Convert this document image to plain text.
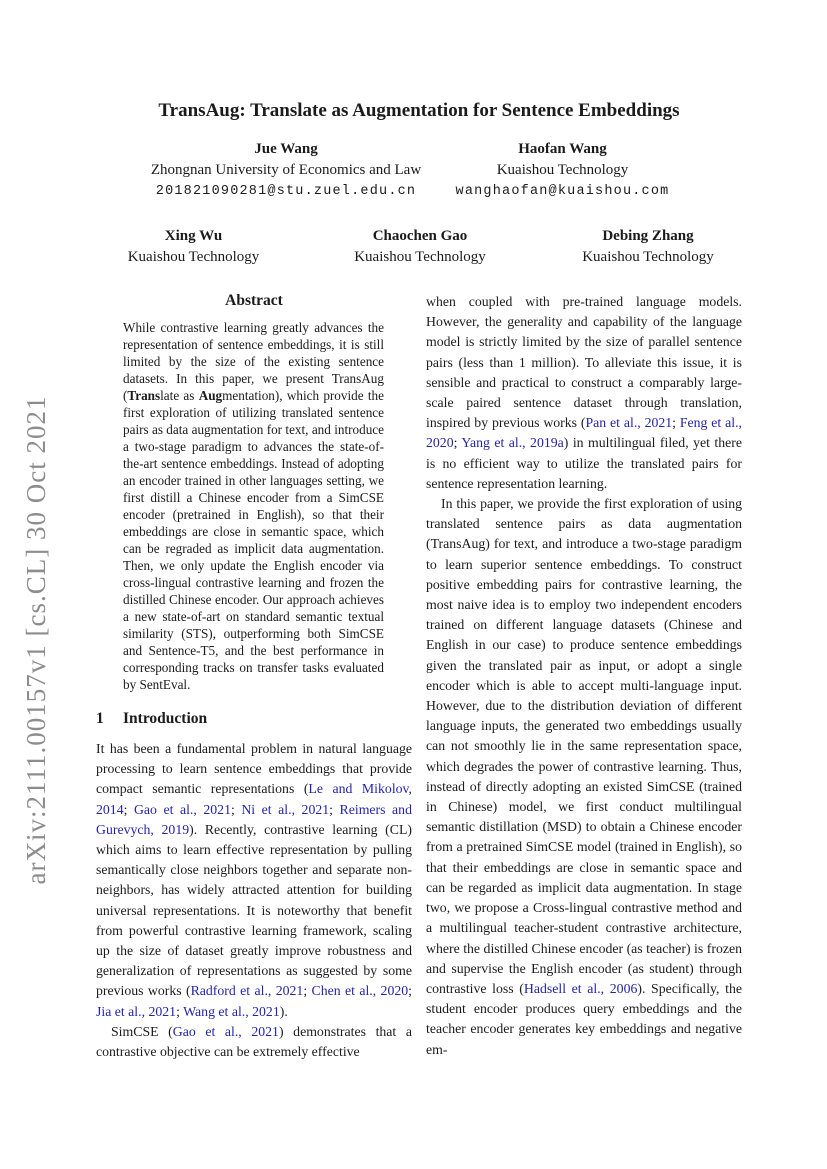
arXiv:2111.00157v1 [cs.CL] 30 Oct 2021
TransAug: Translate as Augmentation for Sentence Embeddings
Jue Wang
Zhongnan University of Economics and Law
201821090281@stu.zuel.edu.cn
Haofan Wang
Kuaishou Technology
wanghaofan@kuaishou.com
Xing Wu
Kuaishou Technology
Chaochen Gao
Kuaishou Technology
Debing Zhang
Kuaishou Technology
Abstract

While contrastive learning greatly advances the representation of sentence embeddings, it is still limited by the size of the existing sentence datasets. In this paper, we present TransAug (Translate as Augmentation), which provide the first exploration of utilizing translated sentence pairs as data augmentation for text, and introduce a two-stage paradigm to advances the state-of-the-art sentence embeddings. Instead of adopting an encoder trained in other languages setting, we first distill a Chinese encoder from a SimCSE encoder (pretrained in English), so that their embeddings are close in semantic space, which can be regraded as implicit data augmentation. Then, we only update the English encoder via cross-lingual contrastive learning and frozen the distilled Chinese encoder. Our approach achieves a new state-of-art on standard semantic textual similarity (STS), outperforming both SimCSE and Sentence-T5, and the best performance in corresponding tracks on transfer tasks evaluated by SentEval.

1 Introduction

It has been a fundamental problem in natural language processing to learn sentence embeddings that provide compact semantic representations (Le and Mikolov, 2014; Gao et al., 2021; Ni et al., 2021; Reimers and Gurevych, 2019). Recently, contrastive learning (CL) which aims to learn effective representation by pulling semantically close neighbors together and separate non-neighbors, has widely attracted attention for building universal representations. It is noteworthy that benefit from powerful contrastive learning framework, scaling up the size of dataset greatly improve robustness and generalization of representations as suggested by some previous works (Radford et al., 2021; Chen et al., 2020; Jia et al., 2021; Wang et al., 2021).

SimCSE (Gao et al., 2021) demonstrates that a contrastive objective can be extremely effective

when coupled with pre-trained language models. However, the generality and capability of the language model is strictly limited by the size of parallel sentence pairs (less than 1 million). To alleviate this issue, it is sensible and practical to construct a comparably large-scale paired sentence dataset through translation, inspired by previous works (Pan et al., 2021; Feng et al., 2020; Yang et al., 2019a) in multilingual filed, yet there is no efficient way to utilize the translated pairs for sentence representation learning.

In this paper, we provide the first exploration of using translated sentence pairs as data augmentation (TransAug) for text, and introduce a two-stage paradigm to learn superior sentence embeddings. To construct positive embedding pairs for contrastive learning, the most naive idea is to employ two independent encoders trained on different language datasets (Chinese and English in our case) to produce sentence embeddings given the translated pair as input, or adopt a single encoder which is able to accept multi-language input. However, due to the distribution deviation of different language inputs, the generated two embeddings usually can not smoothly lie in the same representation space, which degrades the power of contrastive learning. Thus, instead of directly adopting an existed SimCSE (trained in Chinese) model, we first conduct multilingual semantic distillation (MSD) to obtain a Chinese encoder from a pretrained SimCSE model (trained in English), so that their embeddings are close in semantic space and can be regarded as implicit data augmentation. In stage two, we propose a Cross-lingual contrastive method and a multilingual teacher-student contrastive architecture, where the distilled Chinese encoder (as teacher) is frozen and supervise the English encoder (as student) through contrastive loss (Hadsell et al., 2006). Specifically, the student encoder produces query embeddings and the teacher encoder generates key embeddings and negative em-
